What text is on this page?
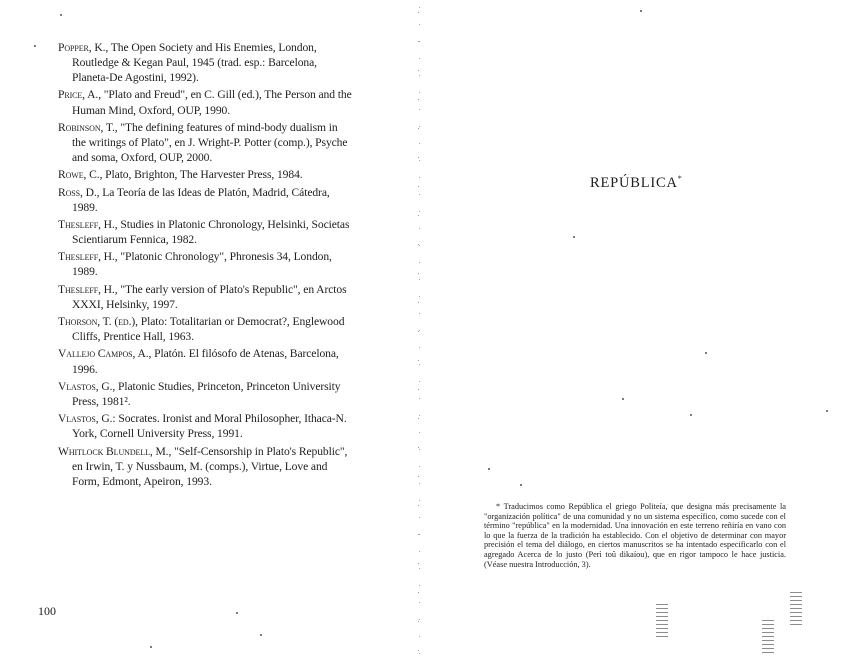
Popper, K., The Open Society and His Enemies, London, Routledge & Kegan Paul, 1945 (trad. esp.: Barcelona, Planeta-De Agostini, 1992).
Price, A., "Plato and Freud", en C. Gill (ed.), The Person and the Human Mind, Oxford, OUP, 1990.
Robinson, T., "The defining features of mind-body dualism in the writings of Plato", en J. Wright-P. Potter (comp.), Psyche and soma, Oxford, OUP, 2000.
Rowe, C., Plato, Brighton, The Harvester Press, 1984.
Ross, D., La Teoría de las Ideas de Platón, Madrid, Cátedra, 1989.
Thesleff, H., Studies in Platonic Chronology, Helsinki, Societas Scientiarum Fennica, 1982.
Thesleff, H., "Platonic Chronology", Phronesis 34, London, 1989.
Thesleff, H., "The early version of Plato's Republic", en Arctos XXXI, Helsinky, 1997.
Thorson, T. (ed.), Plato: Totalitarian or Democrat?, Englewood Cliffs, Prentice Hall, 1963.
Vallejo Campos, A., Platón. El filósofo de Atenas, Barcelona, 1996.
Vlastos, G., Platonic Studies, Princeton, Princeton University Press, 1981².
Vlastos, G.: Socrates. Ironist and Moral Philosopher, Ithaca-N. York, Cornell University Press, 1991.
Whitlock Blundell, M., "Self-Censorship in Plato's Republic", en Irwin, T. y Nussbaum, M. (comps.), Virtue, Love and Form, Edmont, Apeiron, 1993.
100
REPÚBLICA*

* Traducimos como República el griego Politeía, que designa más precisamente la "organización política" de una comunidad y no un sistema específico, como sucede con el término "república" en la modernidad. Una innovación en este terreno reñiría en vano con lo que la fuerza de la tradición ha establecido. Con el objetivo de determinar con mayor precisión el tema del diálogo, en ciertos manuscritos se ha intentado especificarlo con el agregado Acerca de lo justo (Perì toû dikaíou), que en rigor tampoco le hace justicia. (Véase nuestra Introducción, 3).
